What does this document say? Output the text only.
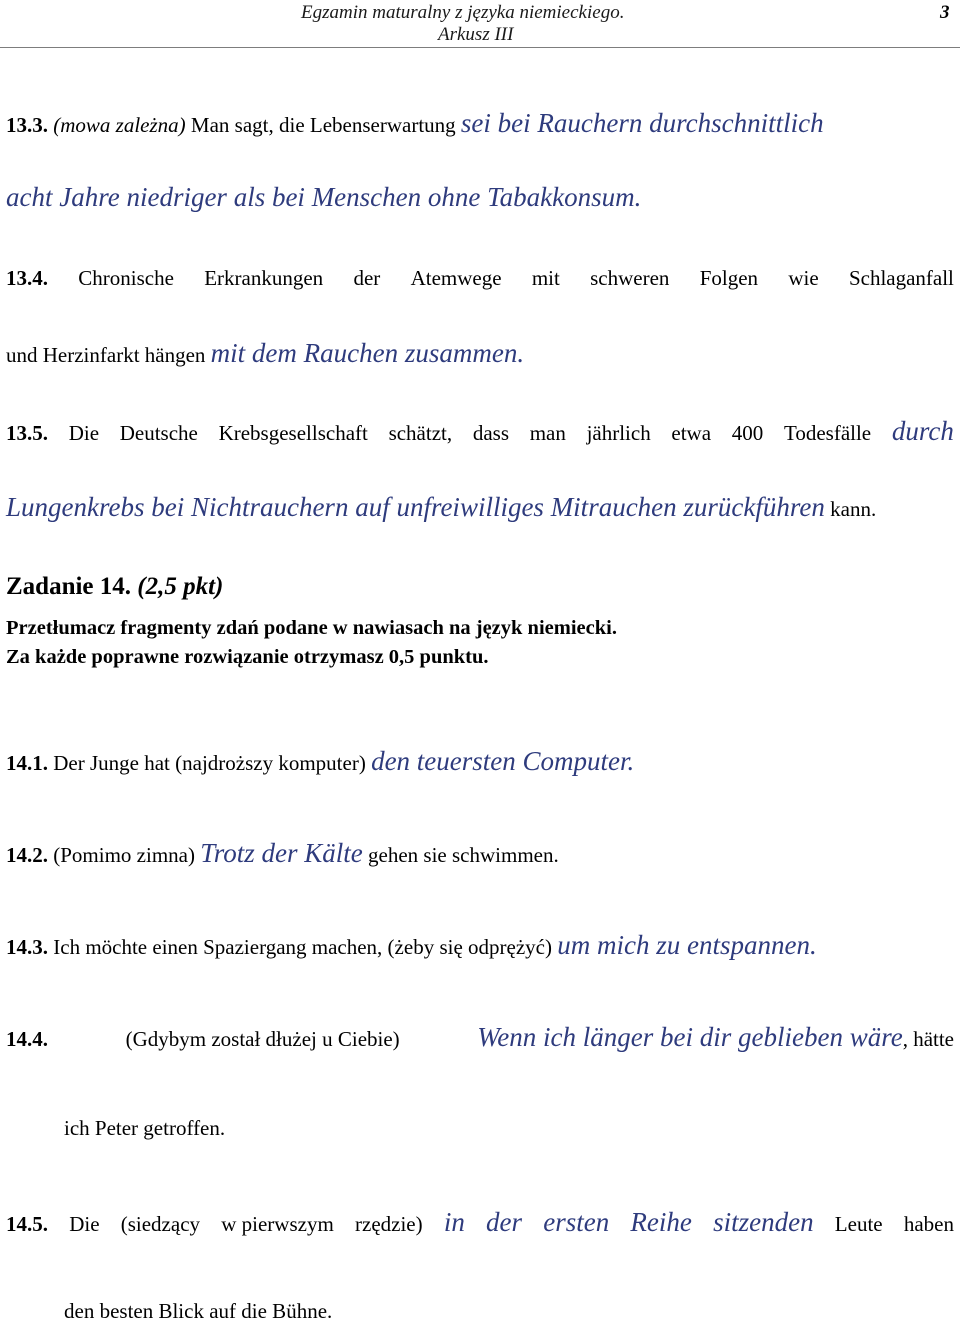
Egzamin maturalny z języka niemieckiego.
Arkusz III
3
13.3. (mowa zależna) Man sagt, die Lebenserwartung sei bei Rauchern durchschnittlich
acht Jahre niedriger als bei Menschen ohne Tabakkonsum.
13.4. Chronische Erkrankungen der Atemwege mit schweren Folgen wie Schlaganfall
und Herzinfarkt hängen mit dem Rauchen zusammen.
13.5. Die Deutsche Krebsgesellschaft schätzt, dass man jährlich etwa 400 Todesfälle durch
Lungenkrebs bei Nichtrauchern auf unfreiwilliges Mitrauchen zurückführen kann.
Zadanie 14. (2,5 pkt)
Przetłumacz fragmenty zdań podane w nawiasach na język niemiecki.
Za każde poprawne rozwiązanie otrzymasz 0,5 punktu.
14.1. Der Junge hat (najdroższy komputer) den teuersten Computer.
14.2. (Pomimo zimna) Trotz der Kälte gehen sie schwimmen.
14.3. Ich möchte einen Spaziergang machen, (żeby się odprężyć) um mich zu entspannen.
14.4.	(Gdybym został dłużej u Ciebie)	Wenn ich länger bei dir geblieben wäre, hätte
ich Peter getroffen.
14.5. Die (siedzący w pierwszym rzędzie) in der ersten Reihe sitzenden Leute haben
den besten Blick auf die Bühne.
